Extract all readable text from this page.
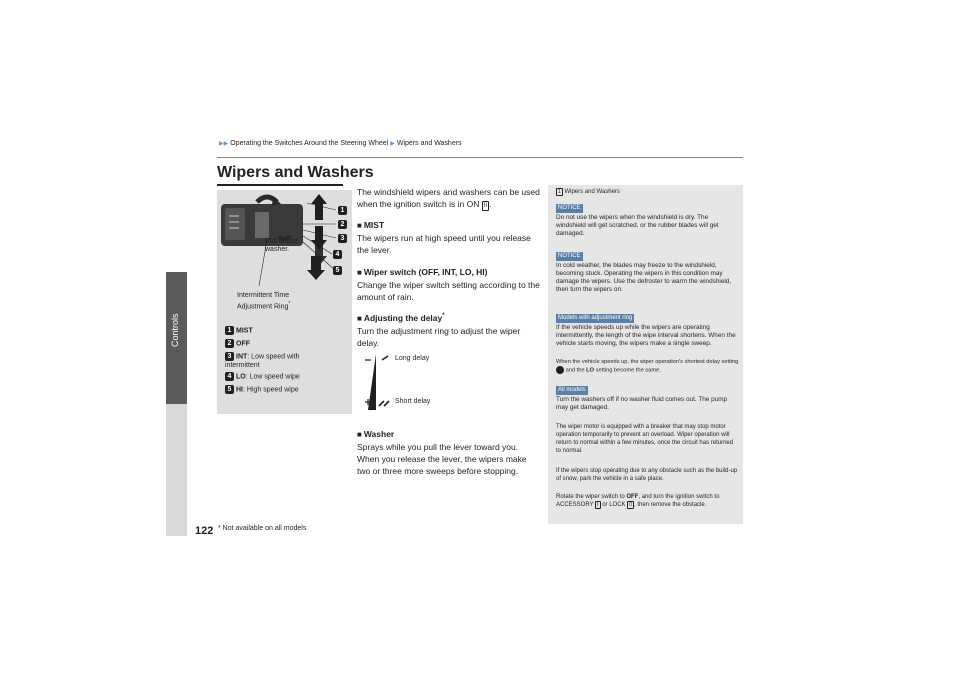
Controls
▶▶ Operating the Switches Around the Steering Wheel ▶ Wipers and Washers
Wipers and Washers
1
2
3
4
5
Pull to use washer.
Intermittent Time Adjustment Ring*
1 MIST
2 OFF
3 INT: Low speed with intermittent
4 LO: Low speed wipe
5 HI: High speed wipe
The windshield wipers and washers can be used when the ignition switch is in ON II .
■ MIST
The wipers run at high speed until you release the lever.
■ Wiper switch (OFF, INT, LO, HI)
Change the wiper switch setting according to the amount of rain.
■ Adjusting the delay*
Turn the adjustment ring to adjust the wiper delay.
Long delay
Short delay
■ Washer
Sprays while you pull the lever toward you. When you release the lever, the wipers make two or three more sweeps before stopping.
1 Wipers and Washers
NOTICE
Do not use the wipers when the windshield is dry. The windshield will get scratched, or the rubber blades will get damaged.
NOTICE
In cold weather, the blades may freeze to the windshield, becoming stuck. Operating the wipers in this condition may damage the wipers. Use the defroster to warm the windshield, then turn the wipers on.
Models with adjustment ring
If the vehicle speeds up while the wipers are operating intermittently, the length of the wipe interval shortens. When the vehicle starts moving, the wipers make a single sweep.
When the vehicle speeds up, the wiper operation's shortest delay setting  and the LO setting become the same.
All models
Turn the washers off if no washer fluid comes out. The pump may get damaged.
The wiper motor is equipped with a breaker that may stop motor operation temporarily to prevent an overload. Wiper operation will return to normal within a few minutes, once the circuit has returned to normal.
If the wipers stop operating due to any obstacle such as the build-up of snow, park the vehicle in a safe place.
Rotate the wiper switch to OFF, and turn the ignition switch to ACCESSORY I or LOCK 0 , then remove the obstacle.
122 * Not available on all models
